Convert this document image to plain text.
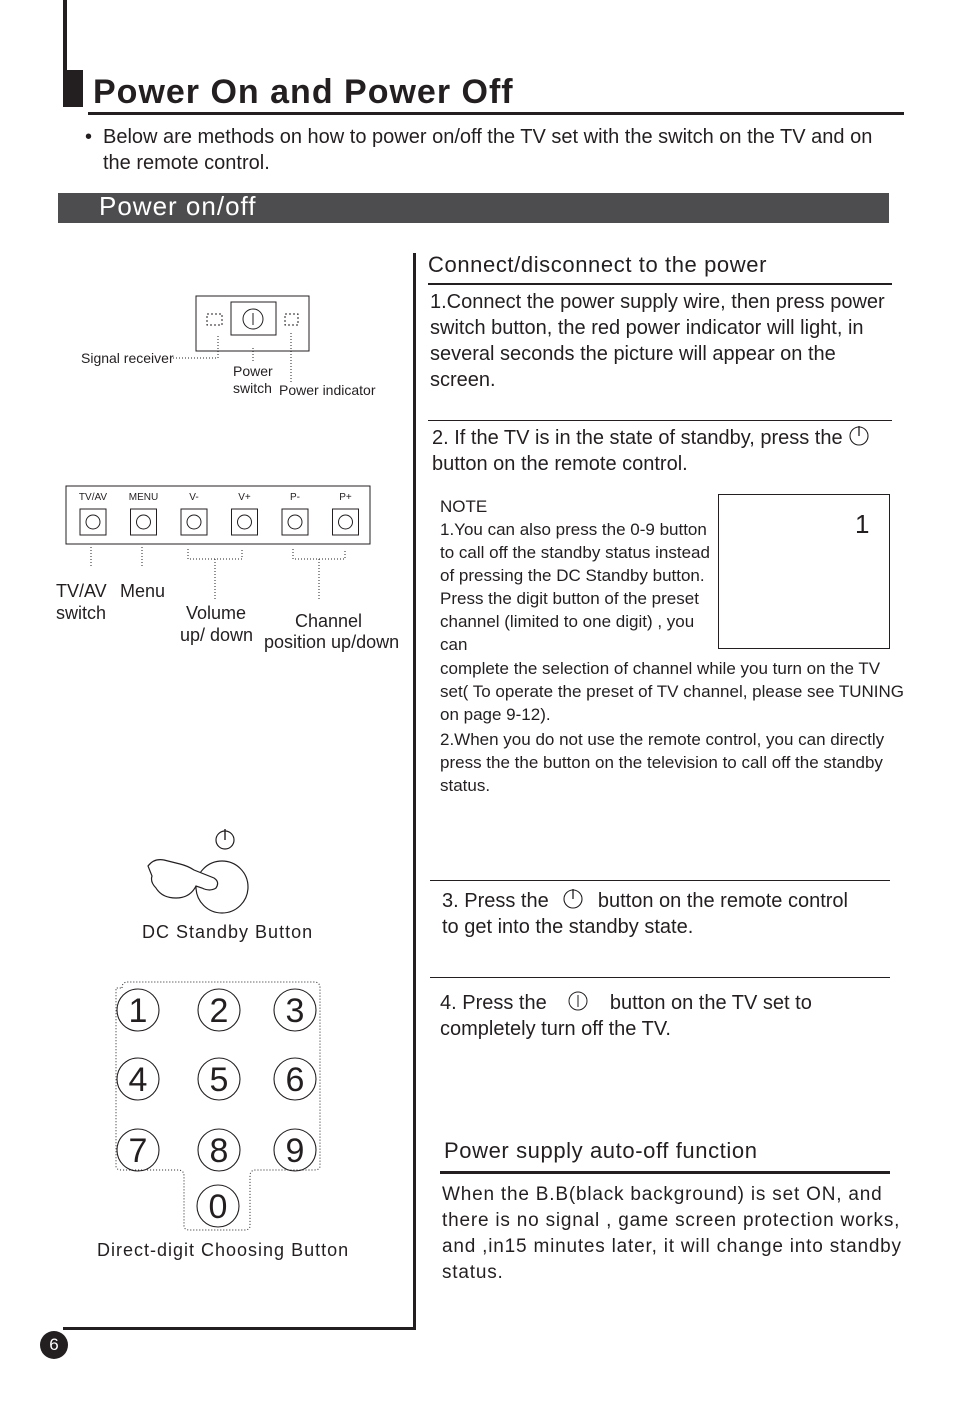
Power On and Power Off
• Below are methods on how to power on/off the TV set with the switch on the TV and on the remote control.
Power on/off
Signal receiver
Power
switch Power indicator
TV/AV MENU	V-	V+	P-	P+
TV/AV
switch
Menu
Volume
up/ down
Channel
position up/down
DC Standby Button
1 2 3
4 5 6
7 8 9
0
Direct-digit Choosing Button
Connect/disconnect to the power
1.Connect the power supply wire, then press power switch button, the red power indicator will light, in several seconds the picture will appear on the screen.
2. If the TV is in the state of standby, press the
button on the remote control.
NOTE
1.You can also press the 0-9 button to call off the standby status instead of pressing the DC Standby button. Press the digit button of the preset channel (limited to one digit) , you can
complete the selection of channel while you turn on the TV set( To operate the preset of TV channel, please see TUNING on page 9-12).
2.When you do not use the remote control, you can directly press the the button on the television to call off the standby status.
1
3. Press the button on the remote control
to get into the standby state.
4. Press the	button on the TV set to
completely turn off the TV.
Power supply auto-off function
When the B.B(black background) is set ON, and there is no signal , game screen protection works, and ,in15 minutes later, it will change into standby status.
6
